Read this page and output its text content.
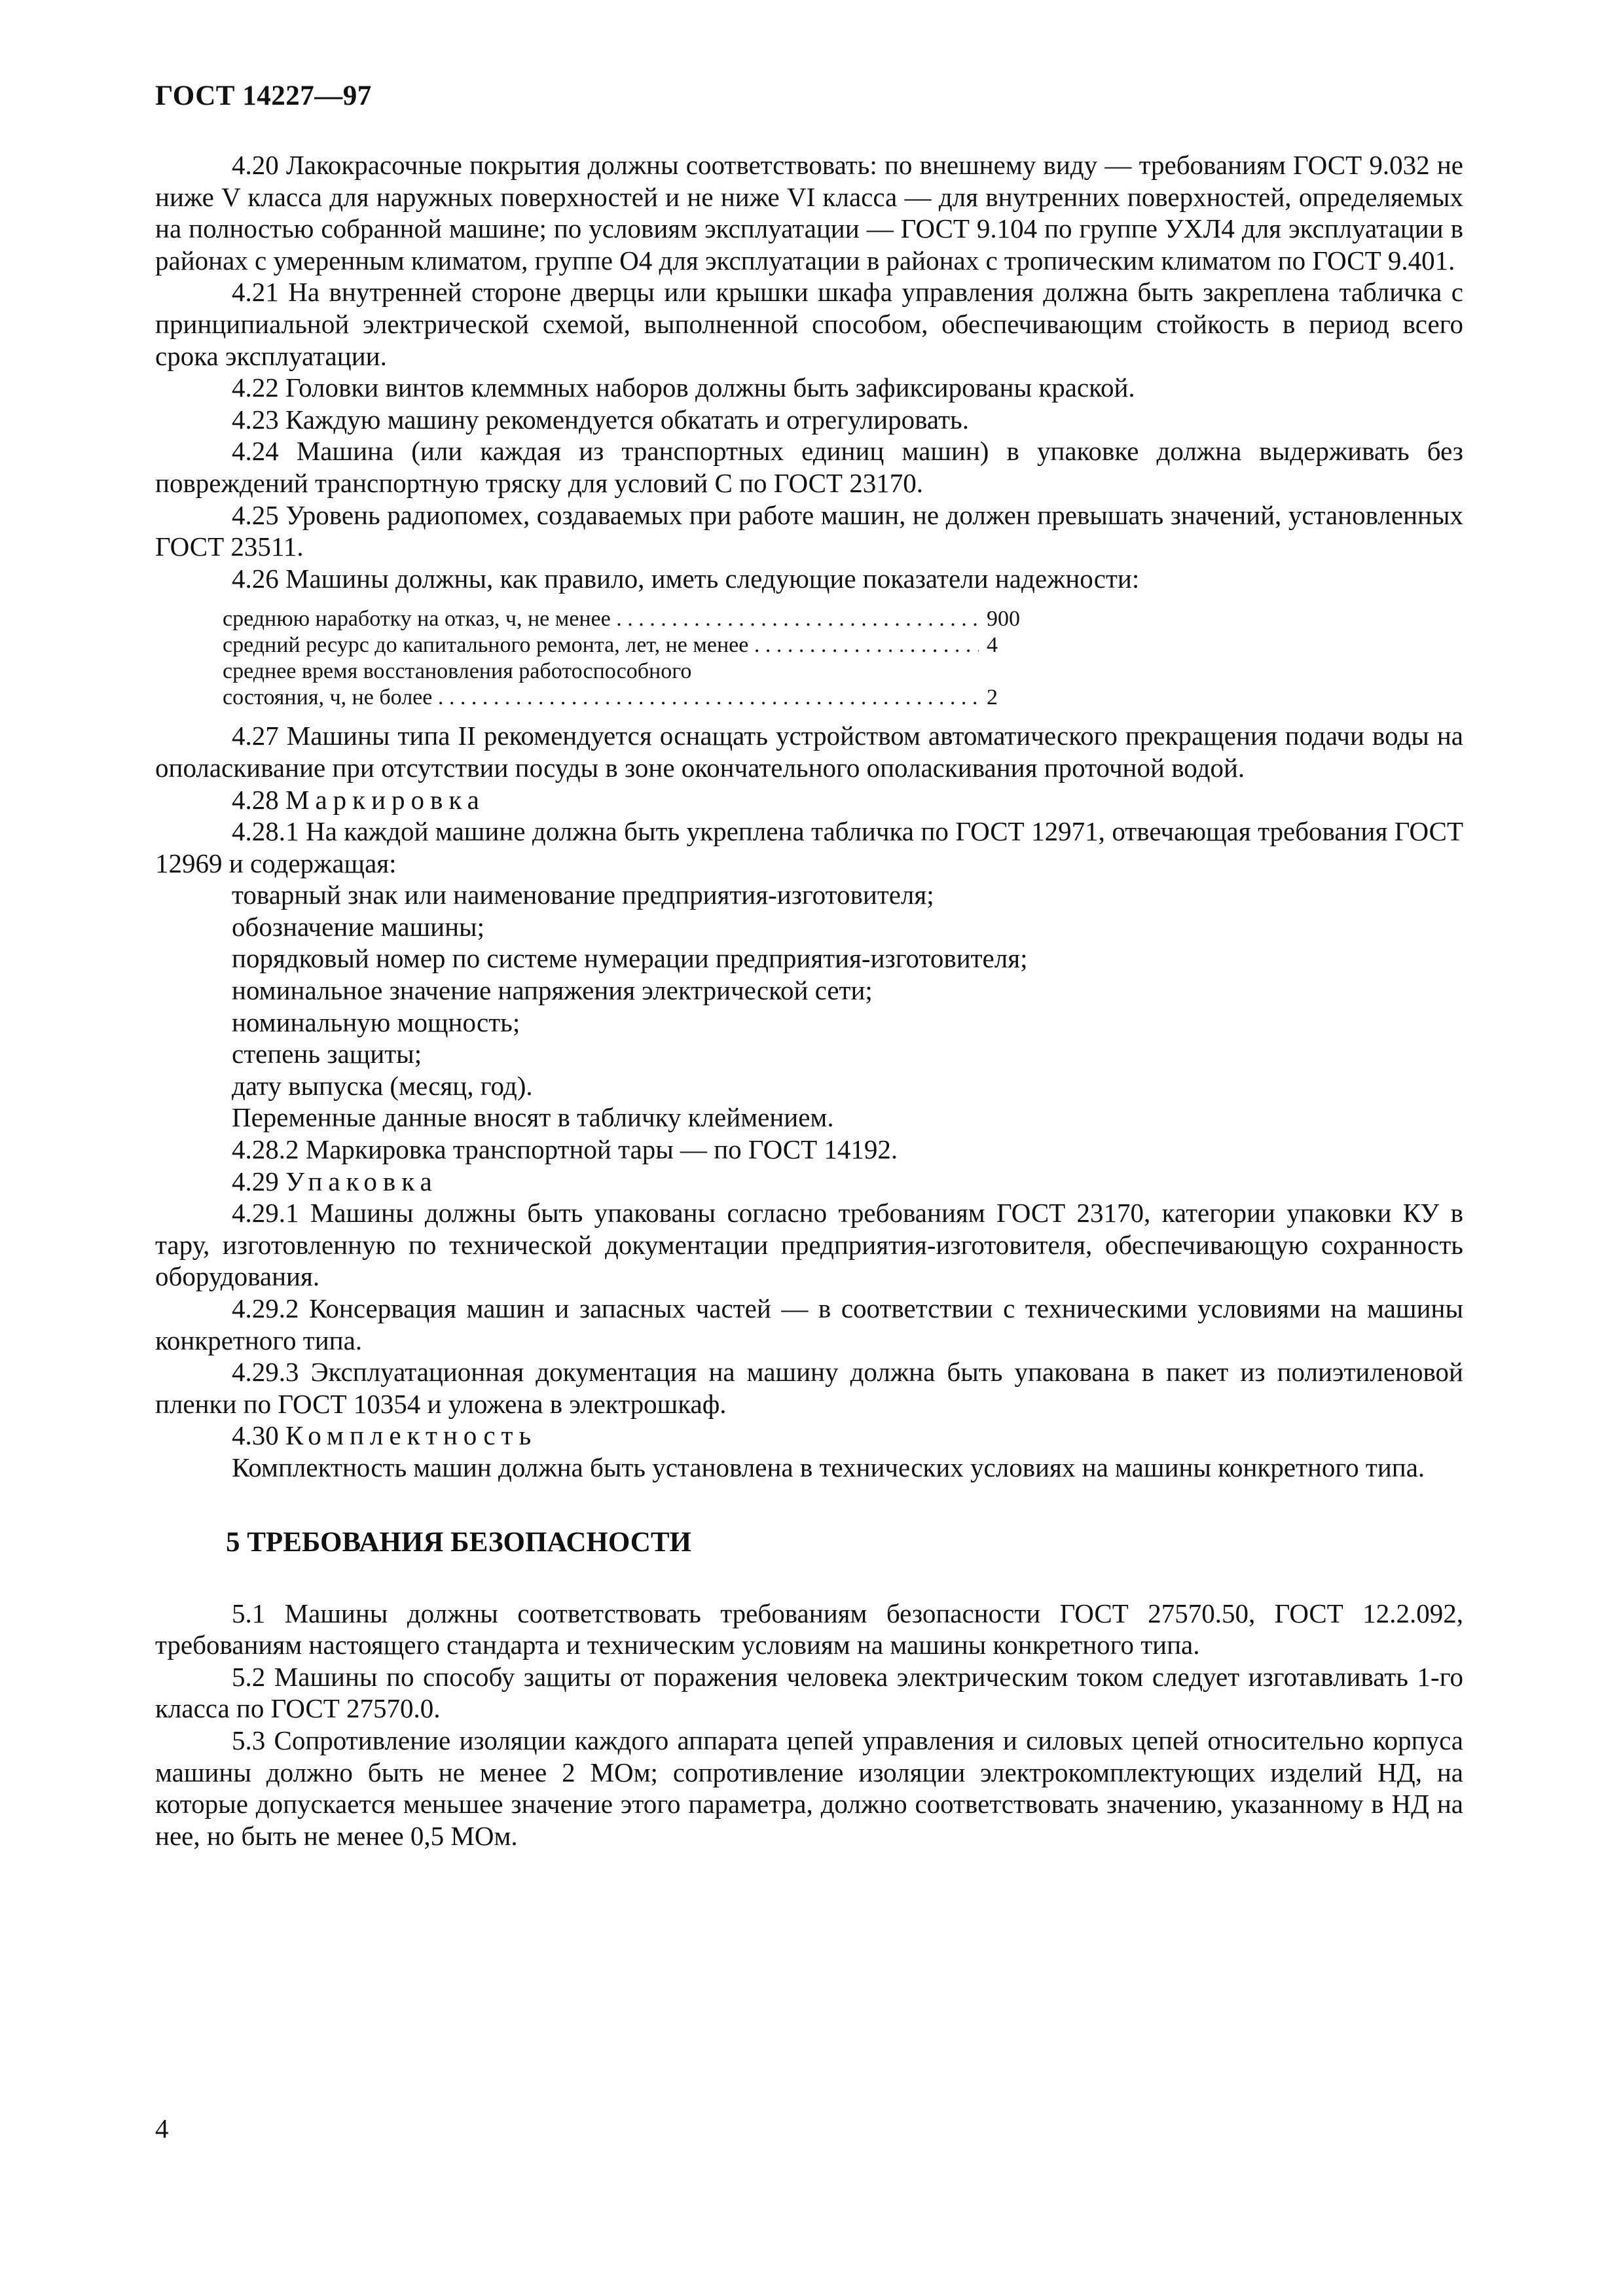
ГОСТ 14227—97

4.20 Лакокрасочные покрытия должны соответствовать: по внешнему виду — требованиям ГОСТ 9.032 не ниже V класса для наружных поверхностей и не ниже VI класса — для внутренних поверхностей, определяемых на полностью собранной машине; по условиям эксплуатации — ГОСТ 9.104 по группе УХЛ4 для эксплуатации в районах с умеренным климатом, группе О4 для эксплуатации в районах с тропическим климатом по ГОСТ 9.401.

4.21 На внутренней стороне дверцы или крышки шкафа управления должна быть закреплена табличка с принципиальной электрической схемой, выполненной способом, обеспечивающим стойкость в период всего срока эксплуатации.

4.22 Головки винтов клеммных наборов должны быть зафиксированы краской.

4.23 Каждую машину рекомендуется обкатать и отрегулировать.

4.24 Машина (или каждая из транспортных единиц машин) в упаковке должна выдерживать без повреждений транспортную тряску для условий С по ГОСТ 23170.

4.25 Уровень радиопомех, создаваемых при работе машин, не должен превышать значений, установленных ГОСТ 23511.

4.26 Машины должны, как правило, иметь следующие показатели надежности:

среднюю наработку на отказ, ч, не менее . . .	900
средний ресурс до капитального ремонта, лет, не менее . . .	4
среднее время восстановления работоспособного
состояния, ч, не более . . .	2

4.27 Машины типа II рекомендуется оснащать устройством автоматического прекращения подачи воды на ополаскивание при отсутствии посуды в зоне окончательного ополаскивания проточной водой.

4.28 Маркировка

4.28.1 На каждой машине должна быть укреплена табличка по ГОСТ 12971, отвечающая требования ГОСТ 12969 и содержащая:

товарный знак или наименование предприятия-изготовителя;

обозначение машины;

порядковый номер по системе нумерации предприятия-изготовителя;

номинальное значение напряжения электрической сети;

номинальную мощность;

степень защиты;

дату выпуска (месяц, год).

Переменные данные вносят в табличку клеймением.

4.28.2 Маркировка транспортной тары — по ГОСТ 14192.

4.29 Упаковка

4.29.1 Машины должны быть упакованы согласно требованиям ГОСТ 23170, категории упаковки КУ в тару, изготовленную по технической документации предприятия-изготовителя, обеспечивающую сохранность оборудования.

4.29.2 Консервация машин и запасных частей — в соответствии с техническими условиями на машины конкретного типа.

4.29.3 Эксплуатационная документация на машину должна быть упакована в пакет из полиэтиленовой пленки по ГОСТ 10354 и уложена в электрошкаф.

4.30 Комплектность

Комплектность машин должна быть установлена в технических условиях на машины конкретного типа.

5 ТРЕБОВАНИЯ БЕЗОПАСНОСТИ

5.1 Машины должны соответствовать требованиям безопасности ГОСТ 27570.50, ГОСТ 12.2.092, требованиям настоящего стандарта и техническим условиям на машины конкретного типа.

5.2 Машины по способу защиты от поражения человека электрическим током следует изготавливать 1-го класса по ГОСТ 27570.0.

5.3 Сопротивление изоляции каждого аппарата цепей управления и силовых цепей относительно корпуса машины должно быть не менее 2 МОм; сопротивление изоляции электрокомплектующих изделий НД, на которые допускается меньшее значение этого параметра, должно соответствовать значению, указанному в НД на нее, но быть не менее 0,5 МОм.

4
